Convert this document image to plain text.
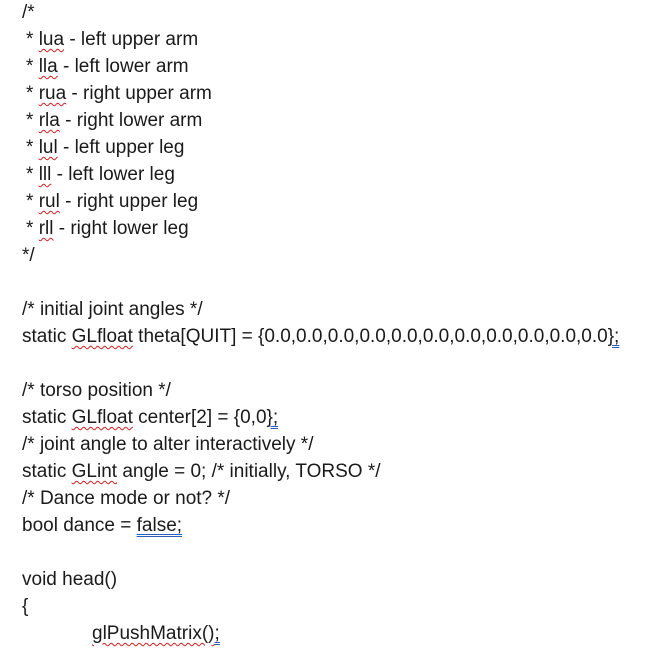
/*
* lua - left upper arm
* lla - left lower arm
* rua - right upper arm
* rla - right lower arm
* lul - left upper leg
* lll - left lower leg
* rul - right upper leg
* rll - right lower leg
*/
/* initial joint angles */
static GLfloat theta[QUIT] = {0.0,0.0,0.0,0.0,0.0,0.0,0.0,0.0,0.0,0.0,0.0};
/* torso position */
static GLfloat center[2] = {0,0};
/* joint angle to alter interactively */
static GLint angle = 0; /* initially, TORSO */
/* Dance mode or not? */
bool dance = false;
void head()
{
glPushMatrix();
